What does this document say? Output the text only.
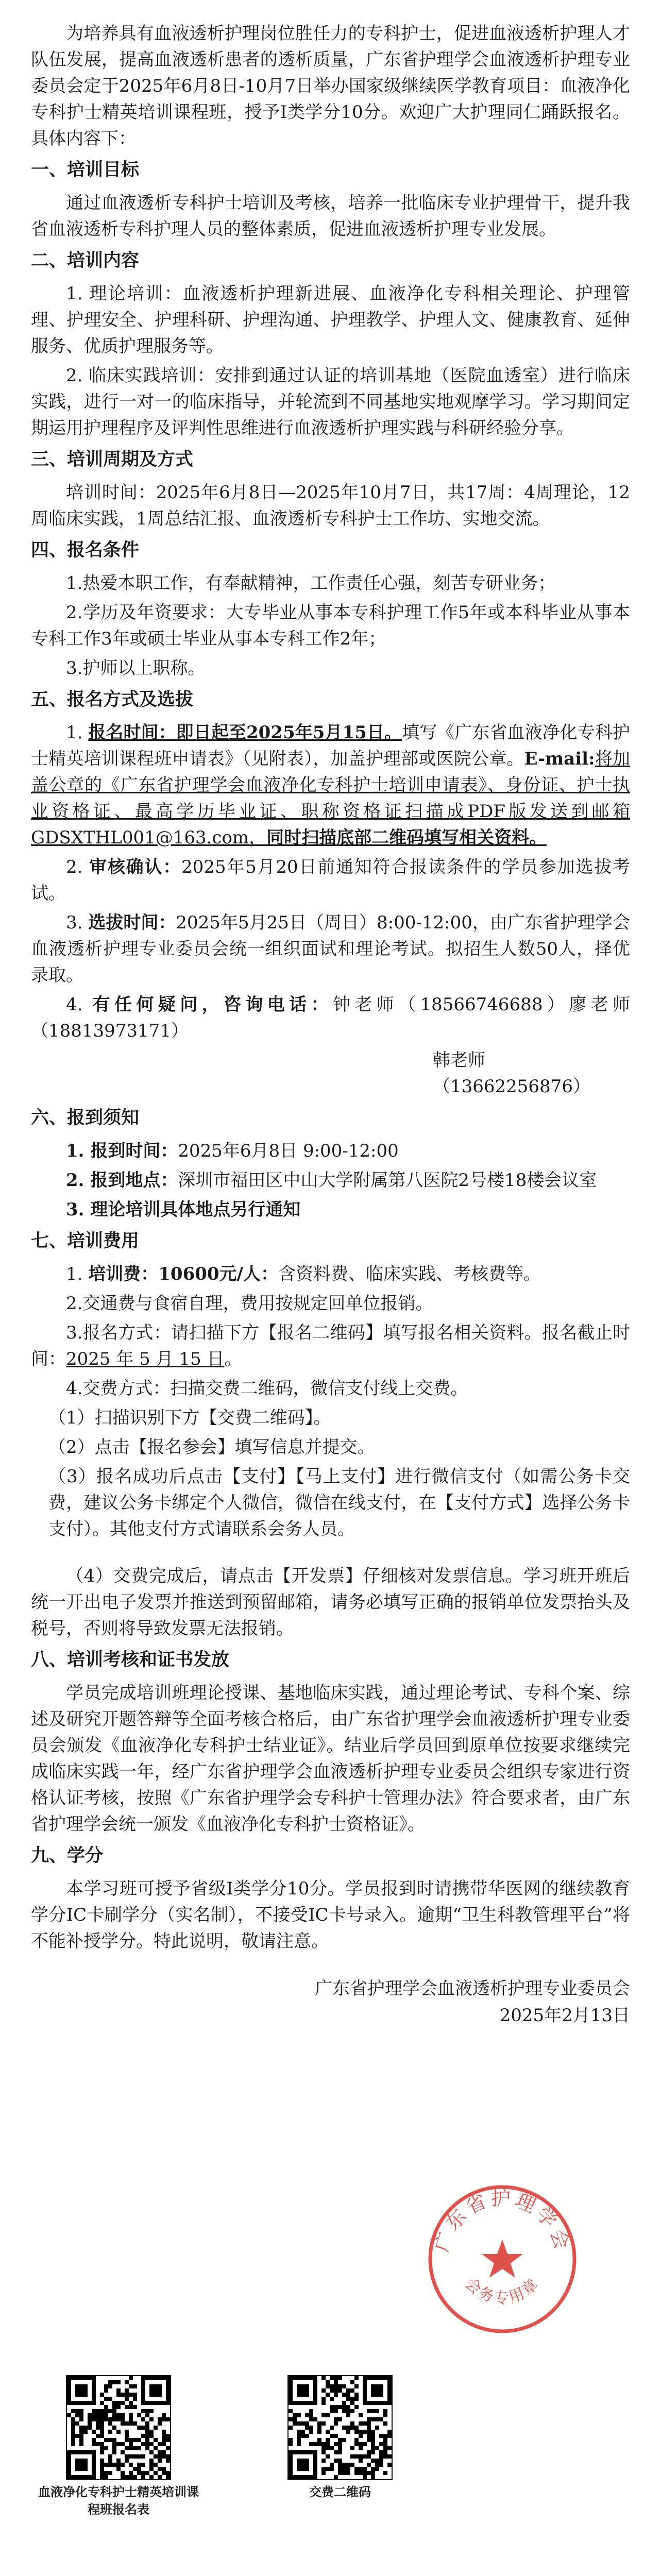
为培养具有血液透析护理岗位胜任力的专科护士，促进血液透析护理人才队伍发展，提高血液透析患者的透析质量，广东省护理学会血液透析护理专业委员会定于2025年6月8日-10月7日举办国家级继续医学教育项目：血液净化专科护士精英培训课程班，授予Ⅰ类学分10分。欢迎广大护理同仁踊跃报名。具体内容下：

一、培训目标

通过血液透析专科护士培训及考核，培养一批临床专业护理骨干，提升我省血液透析专科护理人员的整体素质，促进血液透析护理专业发展。

二、培训内容

1. 理论培训：血液透析护理新进展、血液净化专科相关理论、护理管理、护理安全、护理科研、护理沟通、护理教学、护理人文、健康教育、延伸服务、优质护理服务等。

2. 临床实践培训：安排到通过认证的培训基地（医院血透室）进行临床实践，进行一对一的临床指导，并轮流到不同基地实地观摩学习。学习期间定期运用护理程序及评判性思维进行血液透析护理实践与科研经验分享。

三、培训周期及方式

培训时间：2025年6月8日—2025年10月7日，共17周：4周理论，12周临床实践，1周总结汇报、血液透析专科护士工作坊、实地交流。

四、报名条件

1.热爱本职工作，有奉献精神，工作责任心强，刻苦专研业务；

2.学历及年资要求：大专毕业从事本专科护理工作5年或本科毕业从事本专科工作3年或硕士毕业从事本专科工作2年；

3.护师以上职称。

五、报名方式及选拔

1. 报名时间：即日起至2025年5月15日。填写《广东省血液净化专科护士精英培训课程班申请表》（见附表），加盖护理部或医院公章。E-mail:将加盖公章的《广东省护理学会血液净化专科护士培训申请表》、身份证、护士执业资格证、最高学历毕业证、职称资格证扫描成PDF版发送到邮箱GDSXTHL001@163.com，同时扫描底部二维码填写相关资料。

2. 审核确认：2025年5月20日前通知符合报读条件的学员参加选拔考试。

3. 选拔时间：2025年5月25日（周日）8:00-12:00，由广东省护理学会血液透析护理专业委员会统一组织面试和理论考试。拟招生人数50人，择优录取。

4. 有任何疑问，咨询电话：钟老师（18566746688）廖老师（18813973171）

韩老师（13662256876）

六、报到须知

1. 报到时间：2025年6月8日 9:00-12:00

2. 报到地点：深圳市福田区中山大学附属第八医院2号楼18楼会议室

3. 理论培训具体地点另行通知

七、培训费用

1. 培训费：10600元/人：含资料费、临床实践、考核费等。

2.交通费与食宿自理，费用按规定回单位报销。

3.报名方式：请扫描下方【报名二维码】填写报名相关资料。报名截止时间：2025 年 5 月 15 日。

4.交费方式：扫描交费二维码，微信支付线上交费。

（1）扫描识别下方【交费二维码】。

（2）点击【报名参会】填写信息并提交。

（3）报名成功后点击【支付】【马上支付】进行微信支付（如需公务卡交费，建议公务卡绑定个人微信，微信在线支付，在【支付方式】选择公务卡支付）。其他支付方式请联系会务人员。

（4）交费完成后，请点击【开发票】仔细核对发票信息。学习班开班后统一开出电子发票并推送到预留邮箱，请务必填写正确的报销单位发票抬头及税号，否则将导致发票无法报销。

八、培训考核和证书发放

学员完成培训班理论授课、基地临床实践，通过理论考试、专科个案、综述及研究开题答辩等全面考核合格后，由广东省护理学会血液透析护理专业委员会颁发《血液净化专科护士结业证》。结业后学员回到原单位按要求继续完成临床实践一年，经广东省护理学会血液透析护理专业委员会组织专家进行资格认证考核，按照《广东省护理学会专科护士管理办法》符合要求者，由广东省护理学会统一颁发《血液净化专科护士资格证》。

九、学分

本学习班可授予省级Ⅰ类学分10分。学员报到时请携带华医网的继续教育学分IC卡刷学分（实名制），不接受IC卡号录入。逾期“卫生科教管理平台”将不能补授学分。特此说明，敬请注意。

广东省护理学会血液透析护理专业委员会

2025年2月13日

广东省护理学会
会务专用章

血液净化专科护士精英培训课程班报名表

交费二维码
